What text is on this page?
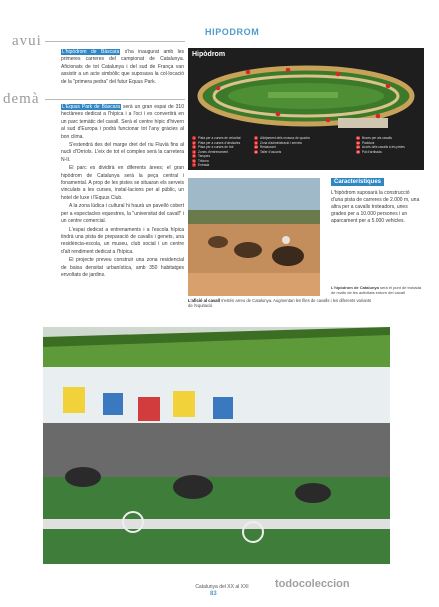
HIPODROM
avui
demà

L'hipòdrom de Bàscara s'ha inaugurat amb les primeres carreres del campionat de Catalunya. Aficionats de tot Catalunya i del sud de França van assistir a un acte simbòlic que suposava la col·locació de la "primera pedra" del futur Equus Park.

L'Equus Park de Bàscara serà un gran espai de 310 hectàrees dedicat a l'hípica i a l'oci i es convertirà en un parc temàtic del cavall. Serà el centre hípic d'hivern al sud d'Europa i podrà funcionar tot l'any gràcies al bon clima.

S'estendrà des del marge dret del riu Fluvià fins al nucli d'Orriols. L'eix de tot el complex serà la carretera N-II.

El parc es dividirà en diferents àrees; el gran hipòdrom de Catalunya serà la peça central i fonamental. A prop de les pistes se situaran els serveis vinculats a les curses, instal·lacions per al públic, un hotel de luxe i l'Equus Club.

A la zona lúdica i cultural hi haurà un pavelló cobert per a espectacles equestres, la "universitat del cavall" i un centre comercial.

L'espai dedicat a entrenaments i a l'escola hípica tindrà una pista de preparació de cavalls i genets, una residència-escola, un museu, club social i un centre d'alt rendiment dedicat a l'hípica.

El projecte preveu construir una zona residencial de baixa densitat urbanística, amb 350 habitatges envoltats de jardins.

Hipòdrom
1	Pista per a curses de velocitat
2	Pista per a curses d'obstacles
3	Pista per a curses de trot
4	Zones d'entrenament
5	Tanques
6	Tribuna
7	Entrada
8	Allotjament dels mossos de quadra
9	Zona d'administració i serveis
10 Restaurant
11 Taller d'usuaris
12 Boxes per als cavalls
13 Paddock
14 Accés dels cavalls a les pistes
15 Pal d'arribada
L'afició al cavall s'estén arreu de Catalunya. Augmentan les files de cavalls i les diferents variants de l'equitació
Característiques
L'hipòdrom suposarà la construcció d'una pista de carreres de 2.000 m, una altra per a cavalls troteadors, unes grades per a 10.000 persones i un aparcament per a 5.000 vehicles.
L'hipòdrom de Catalunya serà el punt de trobada de molts de les activitats entorn del cavall
Catalunya del XX al XXI
83
todocoleccion
